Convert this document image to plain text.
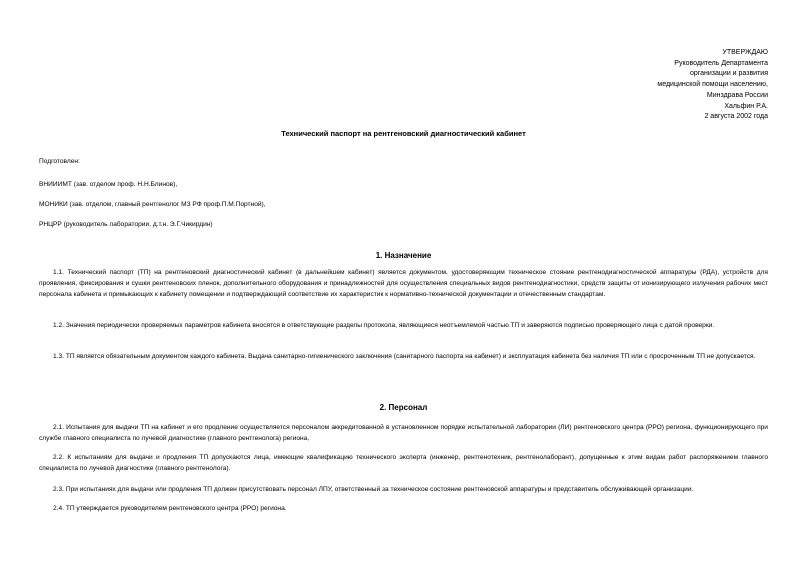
УТВЕРЖДАЮ
Руководитель Департамента
организации и развития
медицинской помощи населению,
Минздрава России
Хальфин Р.А.
2 августа 2002 года
Технический паспорт на рентгеновский диагностический кабинет
Подготовлен:
ВНИИИМТ (зав. отделом проф. Н.Н.Блинов),
МОНИКИ (зав. отделом, главный рентгенолог МЗ РФ проф.П.М.Портной),
РНЦРР (руководитель лаборатории, д.т.н. Э.Г.Чикирдин)
1. Назначение

1.1. Технический паспорт (ТП) на рентгеновский диагностический кабинет (в дальнейшем кабинет) является документом, удостоверяющим техническое стояние рентгенодиагностической аппаратуры (РДА), устройств для проявления, фиксирования и сушки рентгеновских пленок, дополнительного оборудования и принадлежностей для осуществления специальных видов рентгенодиагностики, средств защиты от ионизирующего излучения рабочих мест персонала кабинета и примыкающих к кабинету помещении и подтверждающий соответствие их характеристик к нормативно-технической документации и отечественным стандартам.

1.2. Значения периодически проверяемых параметров кабинета вносятся в ответствующие разделы протокола, являющиеся неотъемлемой частью ТП и заверяются подписью проверяющего лица с датой проверки.

1.3. ТП является обязательным документом каждого кабинета. Выдача санитарно-гигиенического заключения (санитарного паспорта на кабинет) и эксплуатация кабинета без наличия ТП или с просроченным ТП не допускается.

2. Персонал

2.1. Испытания для выдачи ТП на кабинет и его продление осуществляется персоналом аккредитованной в установленном порядке испытательной лаборатории (ЛИ) рентгеновского центра (РРО) региона, функционирующего при службе главного специалиста по лучевой диагностике (главного рентгенолога) региона,

2.2. К испытаниям для выдачи и продления ТП допускаются лица, имеющие квалификацию технического эксперта (инженер, рентгенотехник, рентгенолаборант), допущенные к этим видам работ распоряжением главного специалиста по лучевой диагностике (главного рентгенолога).

2.3. При испытаниях для выдачи или продления ТП должен присутствовать персонал ЛПУ, ответственный за техническое состояние рентгеновской аппаратуры и представитель обслуживающей организации.

2.4. ТП утверждается руководителем рентгеновского центра (РРО) региона.
